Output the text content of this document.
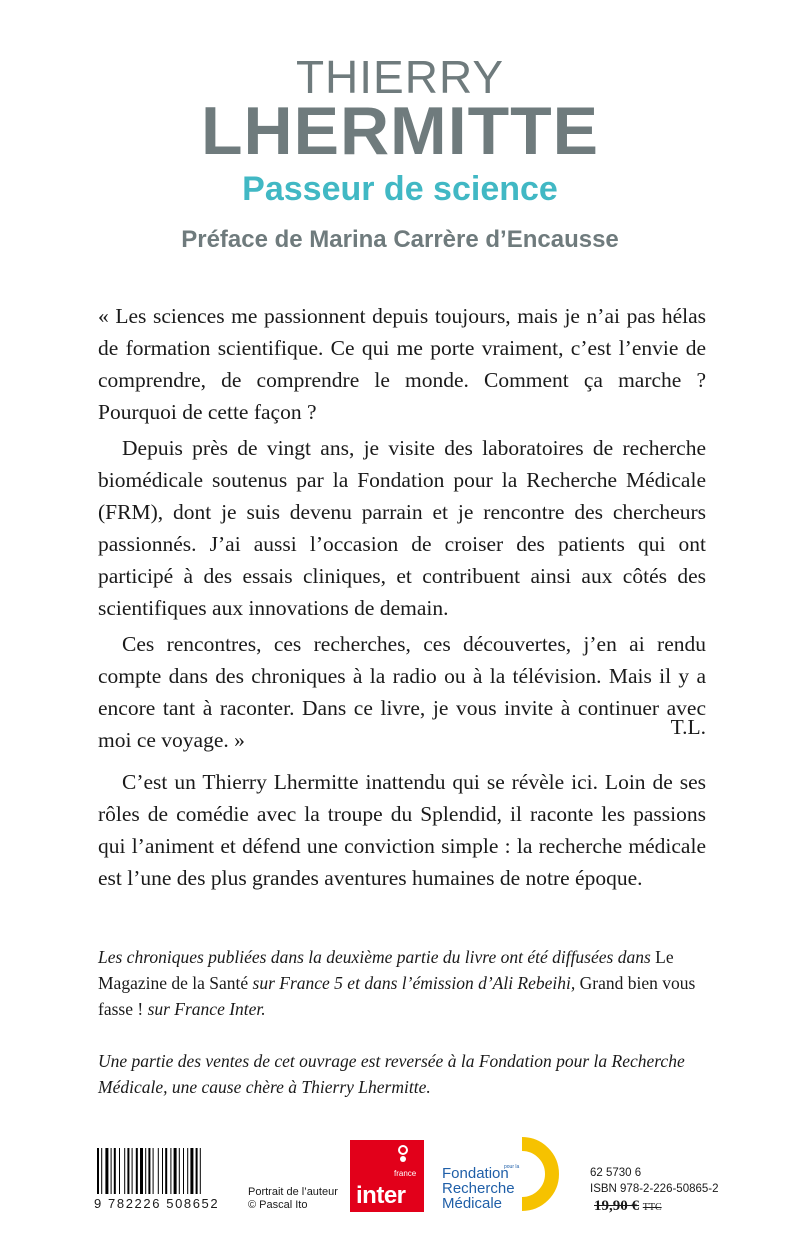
THIERRY
LHERMITTE
Passeur de science
Préface de Marina Carrère d’Encausse

« Les sciences me passionnent depuis toujours, mais je n’ai pas hélas de formation scientifique. Ce qui me porte vraiment, c’est l’envie de comprendre, de comprendre le monde. Comment ça marche ? Pourquoi de cette façon ?

Depuis près de vingt ans, je visite des laboratoires de recherche biomédicale soutenus par la Fondation pour la Recherche Médicale (FRM), dont je suis devenu parrain et je rencontre des chercheurs passionnés. J’ai aussi l’occasion de croiser des patients qui ont participé à des essais cliniques, et contribuent ainsi aux côtés des scientifiques aux innovations de demain.

Ces rencontres, ces recherches, ces découvertes, j’en ai rendu compte dans des chroniques à la radio ou à la télévision. Mais il y a encore tant à raconter. Dans ce livre, je vous invite à continuer avec moi ce voyage. »

T.L.

C’est un Thierry Lhermitte inattendu qui se révèle ici. Loin de ses rôles de comédie avec la troupe du Splendid, il raconte les passions qui l’animent et défend une conviction simple : la recherche médicale est l’une des plus grandes aventures humaines de notre époque.

Les chroniques publiées dans la deuxième partie du livre ont été diffusées dans Le Magazine de la Santé sur France 5 et dans l’émission d’Ali Rebeihi, Grand bien vous fasse ! sur France Inter.
Une partie des ventes de cet ouvrage est reversée à la Fondation pour la Recherche Médicale, une cause chère à Thierry Lhermitte.
9 782226 508652
Portrait de l’auteur
© Pascal Ito
france
inter
Fondation
Recherche
Médicale
pour la	62 5730 6
ISBN 978-2-226-50865-2
19,90 € TTC
